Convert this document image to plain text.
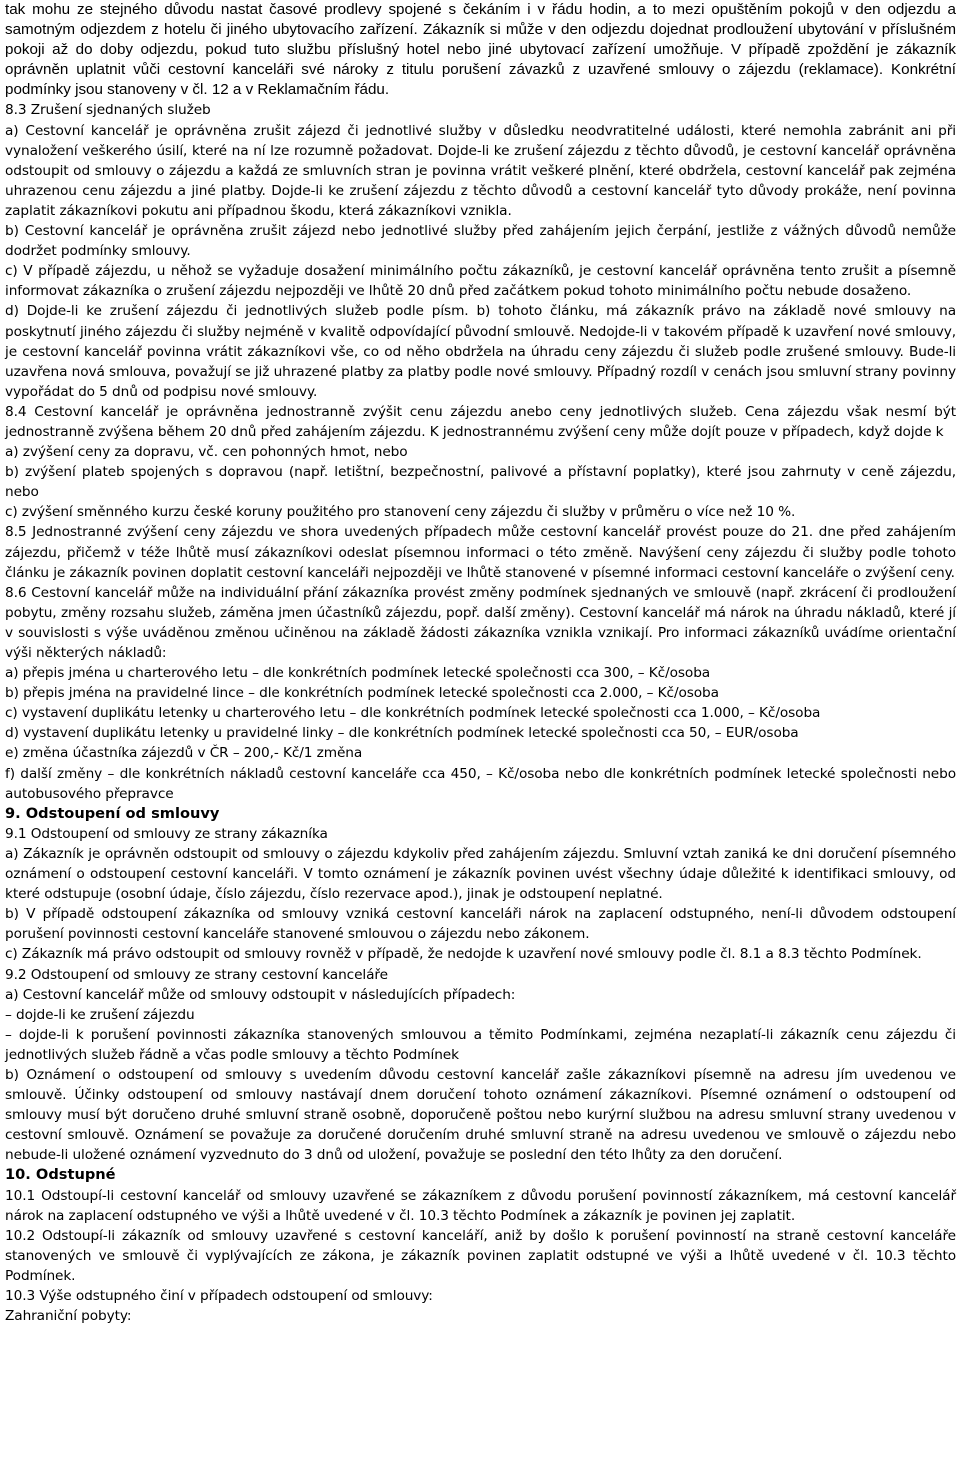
tak mohu ze stejného důvodu nastat časové prodlevy spojené s čekáním i v řádu hodin, a to mezi opuštěním pokojů v den odjezdu a samotným odjezdem z hotelu či jiného ubytovacího zařízení. Zákazník si může v den odjezdu dojednat prodloužení ubytování v příslušném pokoji až do doby odjezdu, pokud tuto službu příslušný hotel nebo jiné ubytovací zařízení umožňuje. V případě zpoždění je zákazník oprávněn uplatnit vůči cestovní kanceláři své nároky z titulu porušení závazků z uzavřené smlouvy o zájezdu (reklamace). Konkrétní podmínky jsou stanoveny v čl. 12 a v Reklamačním řádu.

8.3 Zrušení sjednaných služeb

a) Cestovní kancelář je oprávněna zrušit zájezd či jednotlivé služby v důsledku neodvratitelné události, které nemohla zabránit ani při vynaložení veškerého úsilí, které na ní lze rozumně požadovat. Dojde-li ke zrušení zájezdu z těchto důvodů, je cestovní kancelář oprávněna odstoupit od smlouvy o zájezdu a každá ze smluvních stran je povinna vrátit veškeré plnění, které obdržela, cestovní kancelář pak zejména uhrazenou cenu zájezdu a jiné platby. Dojde-li ke zrušení zájezdu z těchto důvodů a cestovní kancelář tyto důvody prokáže, není povinna zaplatit zákazníkovi pokutu ani případnou škodu, která zákazníkovi vznikla.

b) Cestovní kancelář je oprávněna zrušit zájezd nebo jednotlivé služby před zahájením jejich čerpání, jestliže z vážných důvodů nemůže dodržet podmínky smlouvy.

c) V případě zájezdu, u něhož se vyžaduje dosažení minimálního počtu zákazníků, je cestovní kancelář oprávněna tento zrušit a písemně informovat zákazníka o zrušení zájezdu nejpozději ve lhůtě 20 dnů před začátkem pokud tohoto minimálního počtu nebude dosaženo.

d) Dojde-li ke zrušení zájezdu či jednotlivých služeb podle písm. b) tohoto článku, má zákazník právo na základě nové smlouvy na poskytnutí jiného zájezdu či služby nejméně v kvalitě odpovídající původní smlouvě. Nedojde-li v takovém případě k uzavření nové smlouvy, je cestovní kancelář povinna vrátit zákazníkovi vše, co od něho obdržela na úhradu ceny zájezdu či služeb podle zrušené smlouvy. Bude-li uzavřena nová smlouva, považují se již uhrazené platby za platby podle nové smlouvy. Případný rozdíl v cenách jsou smluvní strany povinny vypořádat do 5 dnů od podpisu nové smlouvy.

8.4 Cestovní kancelář je oprávněna jednostranně zvýšit cenu zájezdu anebo ceny jednotlivých služeb. Cena zájezdu však nesmí být jednostranně zvýšena během 20 dnů před zahájením zájezdu. K jednostrannému zvýšení ceny může dojít pouze v případech, když dojde k

a) zvýšení ceny za dopravu, vč. cen pohonných hmot, nebo

b) zvýšení plateb spojených s dopravou (např. letištní, bezpečnostní, palivové a přístavní poplatky), které jsou zahrnuty v ceně zájezdu, nebo

c) zvýšení směnného kurzu české koruny použitého pro stanovení ceny zájezdu či služby v průměru o více než 10 %.

8.5 Jednostranné zvýšení ceny zájezdu ve shora uvedených případech může cestovní kancelář provést pouze do 21. dne před zahájením zájezdu, přičemž v téže lhůtě musí zákazníkovi odeslat písemnou informaci o této změně. Navýšení ceny zájezdu či služby podle tohoto článku je zákazník povinen doplatit cestovní kanceláři nejpozději ve lhůtě stanovené v písemné informaci cestovní kanceláře o zvýšení ceny.

8.6 Cestovní kancelář může na individuální přání zákazníka provést změny podmínek sjednaných ve smlouvě (např. zkrácení či prodloužení pobytu, změny rozsahu služeb, záměna jmen účastníků zájezdu, popř. další změny). Cestovní kancelář má nárok na úhradu nákladů, které jí v souvislosti s výše uváděnou změnou učiněnou na základě žádosti zákazníka vznikla vznikají. Pro informaci zákazníků uvádíme orientační výši některých nákladů:

a) přepis jména u charterového letu – dle konkrétních podmínek letecké společnosti cca 300, – Kč/osoba

b) přepis jména na pravidelné lince – dle konkrétních podmínek letecké společnosti cca 2.000, – Kč/osoba

c) vystavení duplikátu letenky u charterového letu – dle konkrétních podmínek letecké společnosti cca 1.000, – Kč/osoba

d) vystavení duplikátu letenky u pravidelné linky – dle konkrétních podmínek letecké společnosti cca 50, – EUR/osoba

e) změna účastníka zájezdů v ČR – 200,- Kč/1 změna

f) další změny – dle konkrétních nákladů cestovní kanceláře cca 450, – Kč/osoba nebo dle konkrétních podmínek letecké společnosti nebo autobusového přepravce

9. Odstoupení od smlouvy

9.1 Odstoupení od smlouvy ze strany zákazníka

a) Zákazník je oprávněn odstoupit od smlouvy o zájezdu kdykoliv před zahájením zájezdu. Smluvní vztah zaniká ke dni doručení písemného oznámení o odstoupení cestovní kanceláři. V tomto oznámení je zákazník povinen uvést všechny údaje důležité k identifikaci smlouvy, od které odstupuje (osobní údaje, číslo zájezdu, číslo rezervace apod.), jinak je odstoupení neplatné.

b) V případě odstoupení zákazníka od smlouvy vzniká cestovní kanceláři nárok na zaplacení odstupného, není-li důvodem odstoupení porušení povinnosti cestovní kanceláře stanovené smlouvou o zájezdu nebo zákonem.

c) Zákazník má právo odstoupit od smlouvy rovněž v případě, že nedojde k uzavření nové smlouvy podle čl. 8.1 a 8.3 těchto Podmínek.

9.2 Odstoupení od smlouvy ze strany cestovní kanceláře

a) Cestovní kancelář může od smlouvy odstoupit v následujících případech:

– dojde-li ke zrušení zájezdu

– dojde-li k porušení povinnosti zákazníka stanovených smlouvou a těmito Podmínkami, zejména nezaplatí-li zákazník cenu zájezdu či jednotlivých služeb řádně a včas podle smlouvy a těchto Podmínek

b) Oznámení o odstoupení od smlouvy s uvedením důvodu cestovní kancelář zašle zákazníkovi písemně na adresu jím uvedenou ve smlouvě. Účinky odstoupení od smlouvy nastávají dnem doručení tohoto oznámení zákazníkovi. Písemné oznámení o odstoupení od smlouvy musí být doručeno druhé smluvní straně osobně, doporučeně poštou nebo kurýrní službou na adresu smluvní strany uvedenou v cestovní smlouvě. Oznámení se považuje za doručené doručením druhé smluvní straně na adresu uvedenou ve smlouvě o zájezdu nebo nebude-li uložené oznámení vyzvednuto do 3 dnů od uložení, považuje se poslední den této lhůty za den doručení.

10. Odstupné

10.1 Odstoupí-li cestovní kancelář od smlouvy uzavřené se zákazníkem z důvodu porušení povinností zákazníkem, má cestovní kancelář nárok na zaplacení odstupného ve výši a lhůtě uvedené v čl. 10.3 těchto Podmínek a zákazník je povinen jej zaplatit.

10.2 Odstoupí-li zákazník od smlouvy uzavřené s cestovní kanceláří, aniž by došlo k porušení povinností na straně cestovní kanceláře stanovených ve smlouvě či vyplývajících ze zákona, je zákazník povinen zaplatit odstupné ve výši a lhůtě uvedené v čl. 10.3 těchto Podmínek.

10.3 Výše odstupného činí v případech odstoupení od smlouvy:

Zahraniční pobyty:
